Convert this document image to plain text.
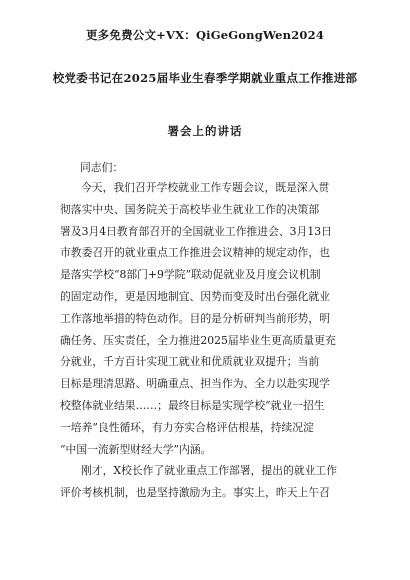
更多免费公文+VX：QiGeGongWen2024
校党委书记在2025届毕业生春季学期就业重点工作推进部
署会上的讲话
同志们：
今天，我们召开学校就业工作专题会议，既是深入贯
彻落实中央、国务院关于高校毕业生就业工作的决策部
署及3月4日教育部召开的全国就业工作推进会、3月13日
市教委召开的就业重点工作推进会议精神的规定动作，也
是落实学校“8部门+9学院”联动促就业及月度会议机制
的固定动作，更是因地制宜、因势而变及时出台强化就业
工作落地举措的特色动作。目的是分析研判当前形势，明
确任务、压实责任，全力推进2025届毕业生更高质量更充
分就业，千方百计实现工就业和优质就业双提升；当前
目标是理清思路、明确重点、担当作为、全力以赴实现学
校整体就业结果……；最终目标是实现学校“就业一招生
一培养”良性循环，有力夯实合格评估根基，持续况淀
“中国一流新型财经大学”内涵。
刚才，X校长作了就业重点工作部署，提出的就业工作
评价考核机制，也是坚持激励为主。事实上，昨天上午召
